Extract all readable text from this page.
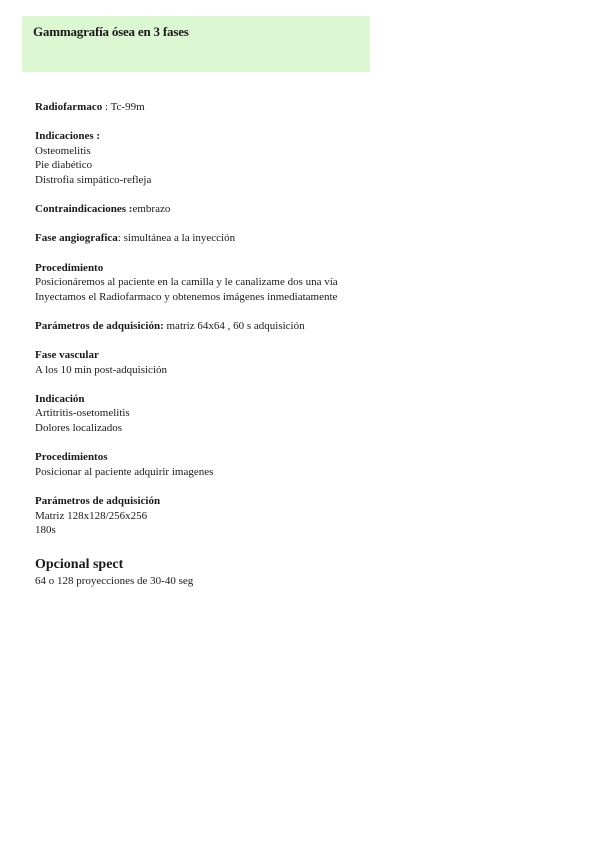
Gammagrafía ósea en 3 fases
Radiofarmaco : Tc-99m
Indicaciones :
Osteomelitis
Pie diabético
Distrofia simpático-refleja
Contraindicaciones :embrazo
Fase angiografica: simultánea a la inyección
Procedimiento
Posicionáremos al paciente en la camilla y le canalizame dos una vía
Inyectamos el Radiofarmaco y obtenemos imágenes inmediatamente
Parámetros de adquisición: matriz 64x64 , 60 s adquisición
Fase vascular
A los 10 min post-adquisición
Indicación
Artitritis-osetomelitis
Dolores localizados
Procedimientos
Posicionar al paciente adquirir imagenes
Parámetros de adquisición
Matriz 128x128/256x256
180s
Opcional spect
64 o 128 proyecciones de 30-40 seg
